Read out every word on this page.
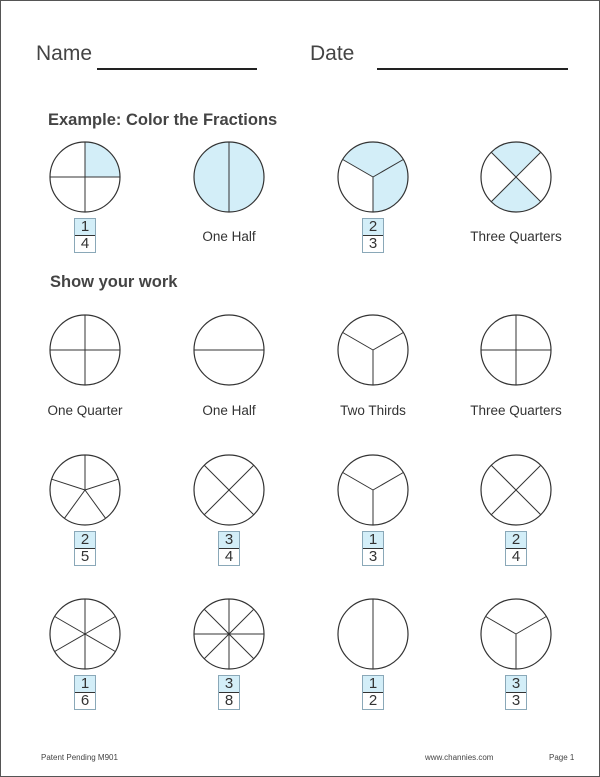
Name	Date
Example: Color the Fractions
Show your work
$\frac{1}{4}$	One Half	$\frac{2}{3}$	Three Quarters
One Quarter	One Half	Two Thirds	Three Quarters
$\frac{2}{5}$	$\frac{3}{4}$	$\frac{1}{3}$	$\frac{2}{4}$
$\frac{1}{6}$	$\frac{3}{8}$	$\frac{1}{2}$	$\frac{3}{3}$
Patent Pending M901	www.channies.com	Page 1
